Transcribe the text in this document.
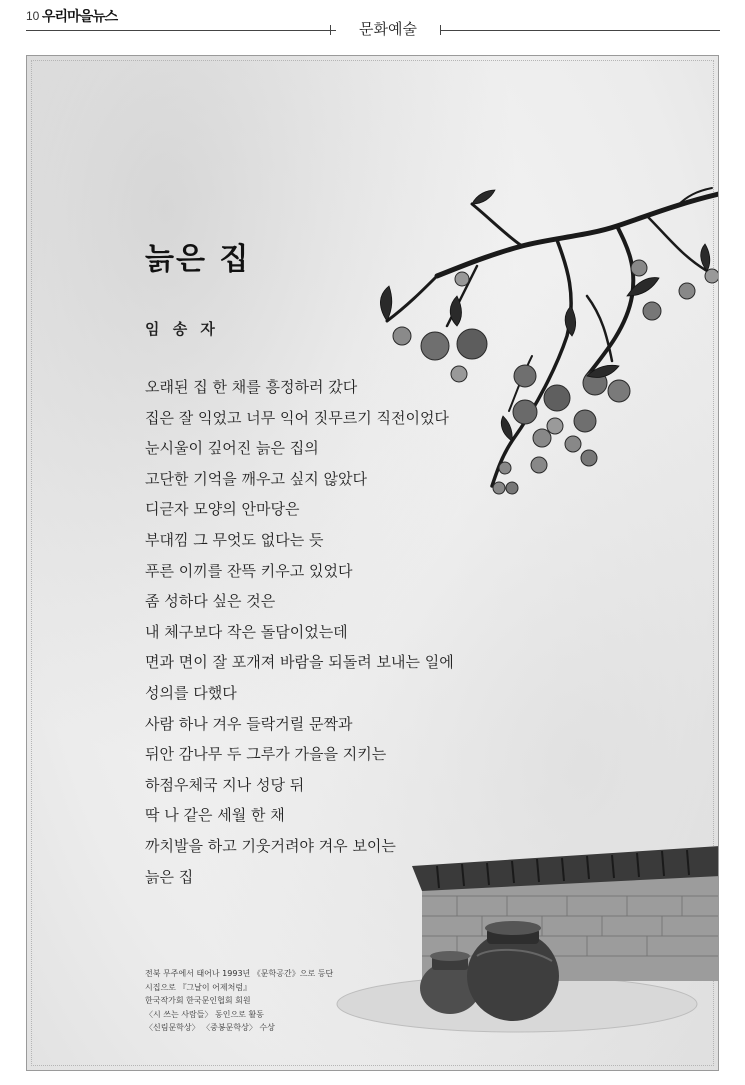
10 우리마을뉴스
문화예술
늙은 집
임 송 자
오래된 집 한 채를 흥정하러 갔다
집은 잘 익었고 너무 익어 짓무르기 직전이었다
눈시울이 깊어진 늙은 집의
고단한 기억을 깨우고 싶지 않았다
디귿자 모양의 안마당은
부대낌 그 무엇도 없다는 듯
푸른 이끼를 잔뜩 키우고 있었다
좀 성하다 싶은 것은
내 체구보다 작은 돌담이었는데
면과 면이 잘 포개져 바람을 되돌려 보내는 일에
성의를 다했다
사람 하나 겨우 들락거릴 문짝과
뒤안 감나무 두 그루가 가을을 지키는
하점우체국 지나 성당 뒤
딱 나 같은 세월 한 채
까치발을 하고 기웃거려야 겨우 보이는
늙은 집
전북 무주에서 태어나 1993년 《문학공간》으로 등단
시집으로 『그날이 어제처럼』
한국작가회 한국문인협회 회원
〈시 쓰는 사람들〉 동인으로 활동
〈신림문학상〉 〈중봉문학상〉 수상
